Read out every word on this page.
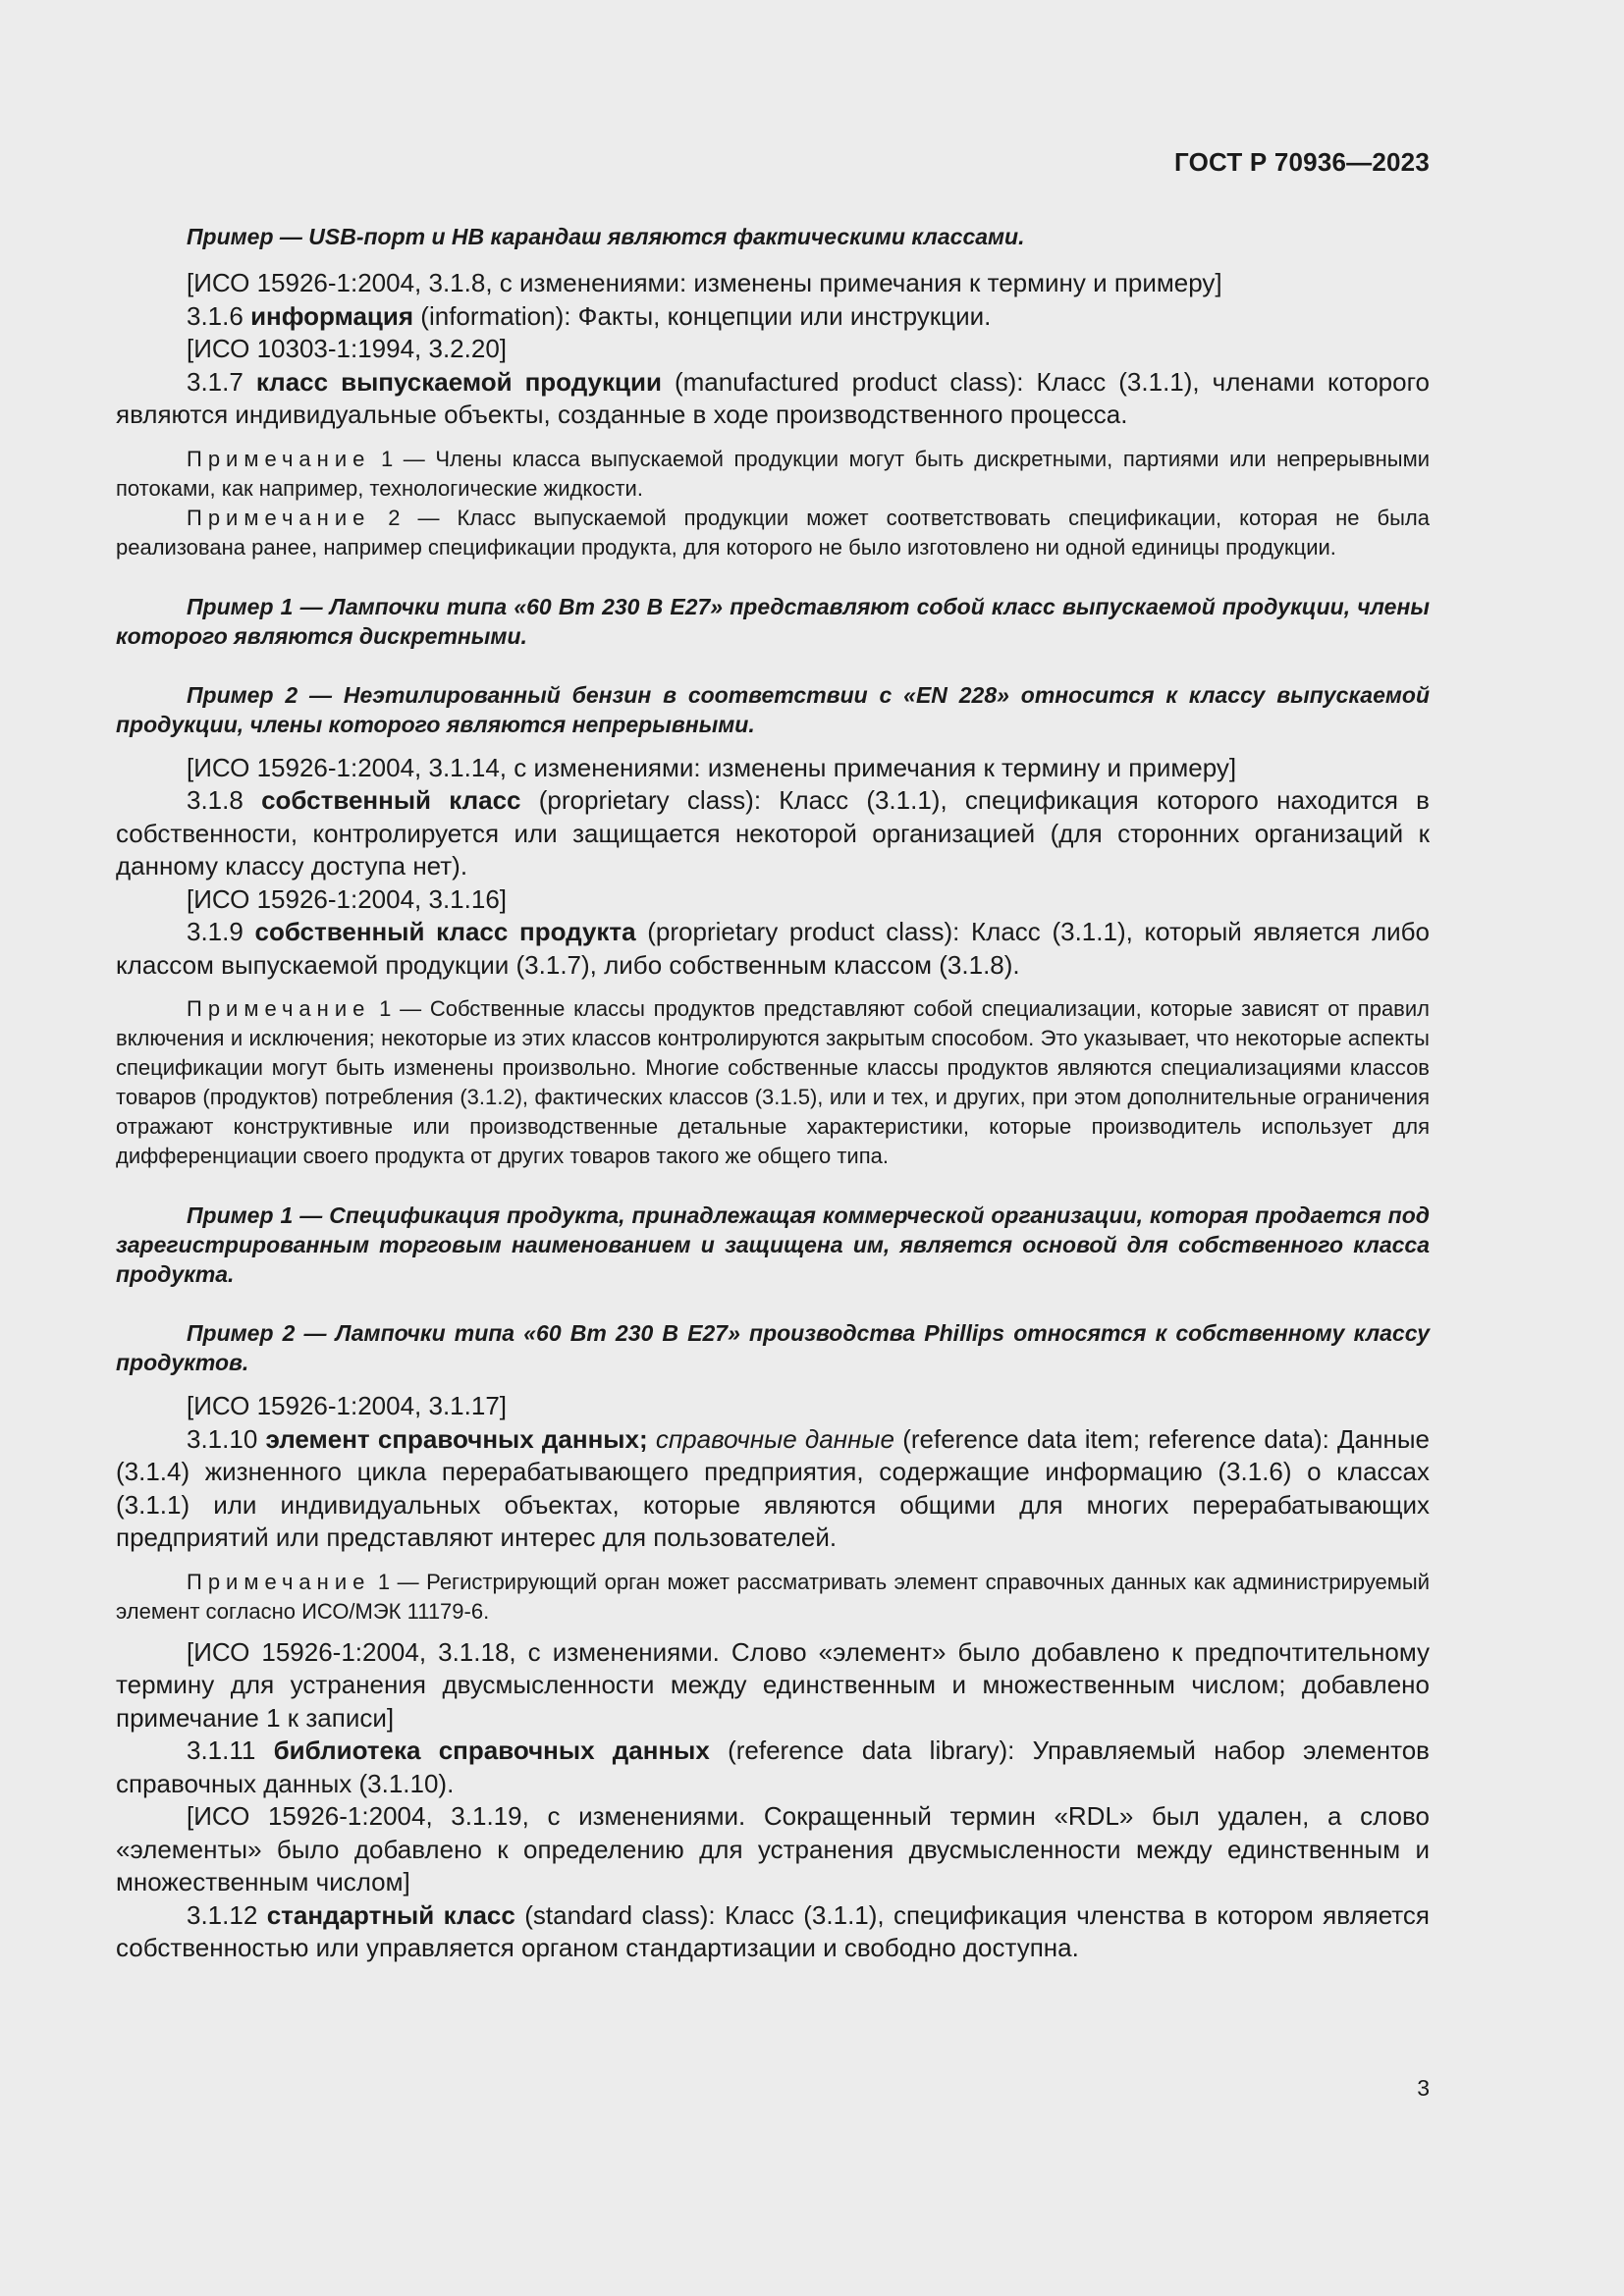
ГОСТ Р 70936—2023

Пример — USB-порт и HB карандаш являются фактическими классами.

[ИСО 15926-1:2004, 3.1.8, с изменениями: изменены примечания к термину и примеру]

3.1.6 информация (information): Факты, концепции или инструкции.

[ИСО 10303-1:1994, 3.2.20]

3.1.7 класс выпускаемой продукции (manufactured product class): Класс (3.1.1), членами которого являются индивидуальные объекты, созданные в ходе производственного процесса.

Примечание 1 — Члены класса выпускаемой продукции могут быть дискретными, партиями или непрерывными потоками, как например, технологические жидкости.

Примечание 2 — Класс выпускаемой продукции может соответствовать спецификации, которая не была реализована ранее, например спецификации продукта, для которого не было изготовлено ни одной единицы продукции.

Пример 1 — Лампочки типа «60 Вт 230 В E27» представляют собой класс выпускаемой продукции, члены которого являются дискретными.

Пример 2 — Неэтилированный бензин в соответствии с «EN 228» относится к классу выпускаемой продукции, члены которого являются непрерывными.

[ИСО 15926-1:2004, 3.1.14, с изменениями: изменены примечания к термину и примеру]

3.1.8 собственный класс (proprietary class): Класс (3.1.1), спецификация которого находится в собственности, контролируется или защищается некоторой организацией (для сторонних организаций к данному классу доступа нет).

[ИСО 15926-1:2004, 3.1.16]

3.1.9 собственный класс продукта (proprietary product class): Класс (3.1.1), который является либо классом выпускаемой продукции (3.1.7), либо собственным классом (3.1.8).

Примечание 1 — Собственные классы продуктов представляют собой специализации, которые зависят от правил включения и исключения; некоторые из этих классов контролируются закрытым способом. Это указывает, что некоторые аспекты спецификации могут быть изменены произвольно. Многие собственные классы продуктов являются специализациями классов товаров (продуктов) потребления (3.1.2), фактических классов (3.1.5), или и тех, и других, при этом дополнительные ограничения отражают конструктивные или производственные детальные характеристики, которые производитель использует для дифференциации своего продукта от других товаров такого же общего типа.

Пример 1 — Спецификация продукта, принадлежащая коммерческой организации, которая продается под зарегистрированным торговым наименованием и защищена им, является основой для собственного класса продукта.

Пример 2 — Лампочки типа «60 Вт 230 В E27» производства Phillips относятся к собственному классу продуктов.

[ИСО 15926-1:2004, 3.1.17]

3.1.10 элемент справочных данных; справочные данные (reference data item; reference data): Данные (3.1.4) жизненного цикла перерабатывающего предприятия, содержащие информацию (3.1.6) о классах (3.1.1) или индивидуальных объектах, которые являются общими для многих перерабатывающих предприятий или представляют интерес для пользователей.

Примечание 1 — Регистрирующий орган может рассматривать элемент справочных данных как администрируемый элемент согласно ИСО/МЭК 11179-6.

[ИСО 15926-1:2004, 3.1.18, с изменениями. Слово «элемент» было добавлено к предпочтительному термину для устранения двусмысленности между единственным и множественным числом; добавлено примечание 1 к записи]

3.1.11 библиотека справочных данных (reference data library): Управляемый набор элементов справочных данных (3.1.10).

[ИСО 15926-1:2004, 3.1.19, с изменениями. Сокращенный термин «RDL» был удален, а слово «элементы» было добавлено к определению для устранения двусмысленности между единственным и множественным числом]

3.1.12 стандартный класс (standard class): Класс (3.1.1), спецификация членства в котором является собственностью или управляется органом стандартизации и свободно доступна.

3
